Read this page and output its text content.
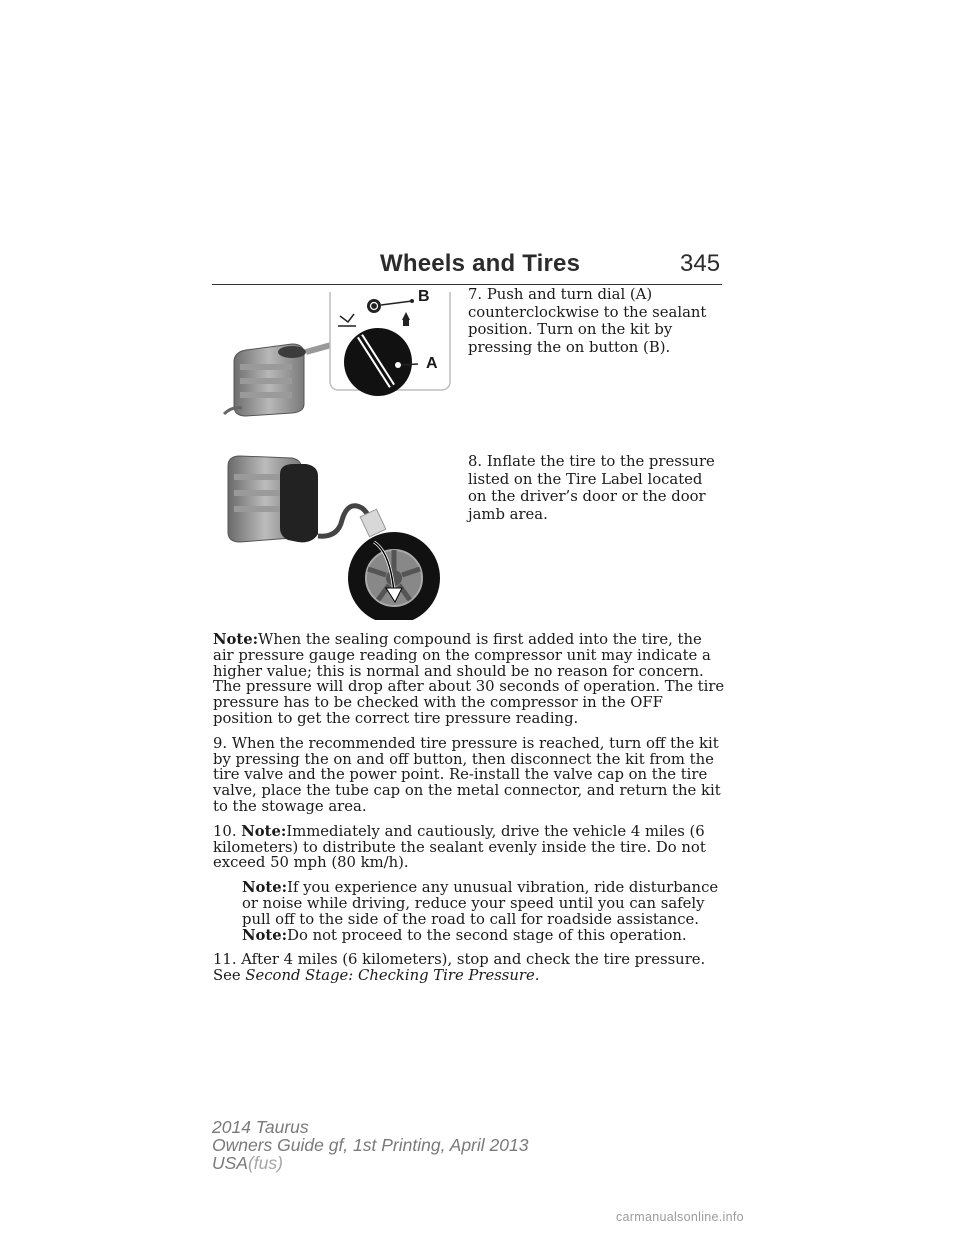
Wheels and Tires	345
B
A

7. Push and turn dial (A) counterclockwise to the sealant position. Turn on the kit by pressing the on button (B).

8. Inflate the tire to the pressure listed on the Tire Label located on the driver’s door or the door jamb area.

Note:When the sealing compound is first added into the tire, the air pressure gauge reading on the compressor unit may indicate a higher value; this is normal and should be no reason for concern. The pressure will drop after about 30 seconds of operation. The tire pressure has to be checked with the compressor in the OFF position to get the correct tire pressure reading.

9. When the recommended tire pressure is reached, turn off the kit by pressing the on and off button, then disconnect the kit from the tire valve and the power point. Re-install the valve cap on the tire valve, place the tube cap on the metal connector, and return the kit to the stowage area.

10. Note:Immediately and cautiously, drive the vehicle 4 miles (6 kilometers) to distribute the sealant evenly inside the tire. Do not exceed 50 mph (80 km/h).

Note:If you experience any unusual vibration, ride disturbance or noise while driving, reduce your speed until you can safely pull off to the side of the road to call for roadside assistance. Note:Do not proceed to the second stage of this operation.

11. After 4 miles (6 kilometers), stop and check the tire pressure. See Second Stage: Checking Tire Pressure.

2014 Taurus
Owners Guide gf, 1st Printing, April 2013
USA(fus)
carmanualsonline.info
